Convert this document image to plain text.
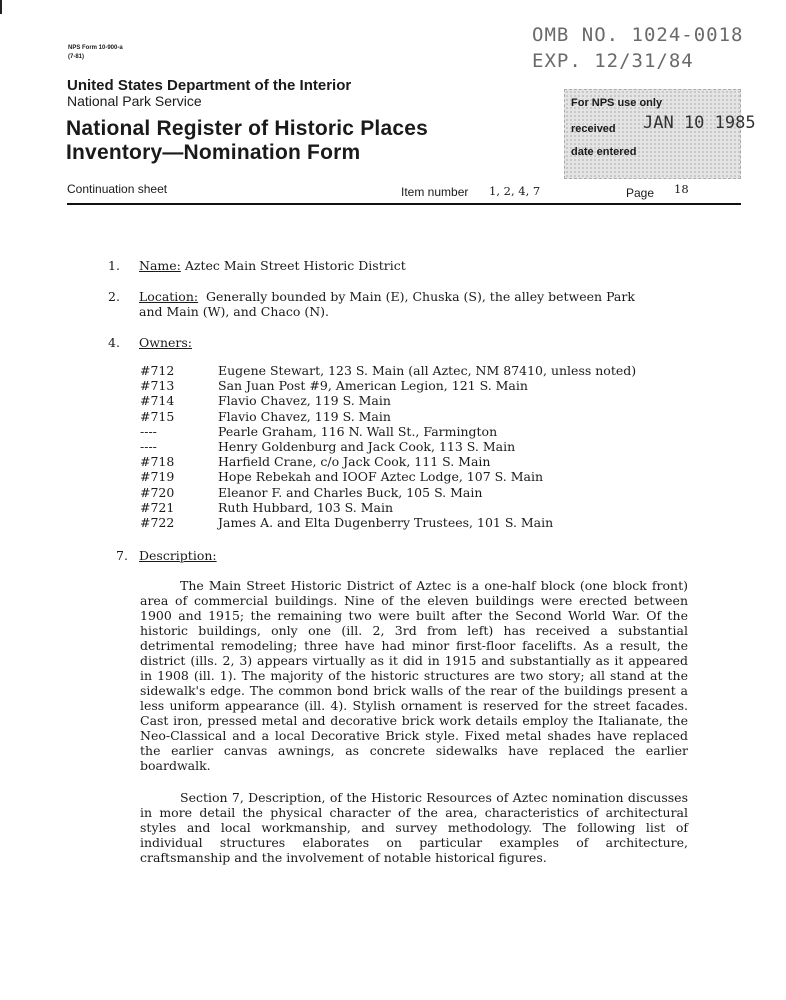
NPS Form 10-900-a
(7-81)
OMB NO. 1024-0018
EXP. 12/31/84
United States Department of the Interior
National Park Service
National Register of Historic Places
Inventory—Nomination Form
For NPS use only
received JAN 10 1985
date entered
Continuation sheet	Item number 1, 2, 4, 7	Page 18
1. Name: Aztec Main Street Historic District
2. Location:  Generally bounded by Main (E), Chuska (S), the alley between Park
and Main (W), and Chaco (N).
4. Owners:
#712	Eugene Stewart, 123 S. Main (all Aztec, NM 87410, unless noted)
#713	San Juan Post #9, American Legion, 121 S. Main
#714	Flavio Chavez, 119 S. Main
#715	Flavio Chavez, 119 S. Main
----	Pearle Graham, 116 N. Wall St., Farmington
----	Henry Goldenburg and Jack Cook, 113 S. Main
#718	Harfield Crane, c/o Jack Cook, 111 S. Main
#719	Hope Rebekah and IOOF Aztec Lodge, 107 S. Main
#720	Eleanor F. and Charles Buck, 105 S. Main
#721	Ruth Hubbard, 103 S. Main
#722	James A. and Elta Dugenberry Trustees, 101 S. Main
7. Description:

The Main Street Historic District of Aztec is a one-half block (one block front) area of commercial buildings. Nine of the eleven buildings were erected between 1900 and 1915; the remaining two were built after the Second World War. Of the historic buildings, only one (ill. 2, 3rd from left) has received a substantial detrimental remodeling; three have had minor first-floor facelifts. As a result, the district (ills. 2, 3) appears virtually as it did in 1915 and substantially as it appeared in 1908 (ill. 1). The majority of the historic structures are two story; all stand at the sidewalk's edge. The common bond brick walls of the rear of the buildings present a less uniform appearance (ill. 4). Stylish ornament is reserved for the street facades. Cast iron, pressed metal and decorative brick work details employ the Italianate, the Neo-Classical and a local Decorative Brick style. Fixed metal shades have replaced the earlier canvas awnings, as concrete sidewalks have replaced the earlier boardwalk.

Section 7, Description, of the Historic Resources of Aztec nomination discusses in more detail the physical character of the area, characteristics of architectural styles and local workmanship, and survey methodology. The following list of individual structures elaborates on particular examples of architecture, craftsmanship and the involvement of notable historical figures.
